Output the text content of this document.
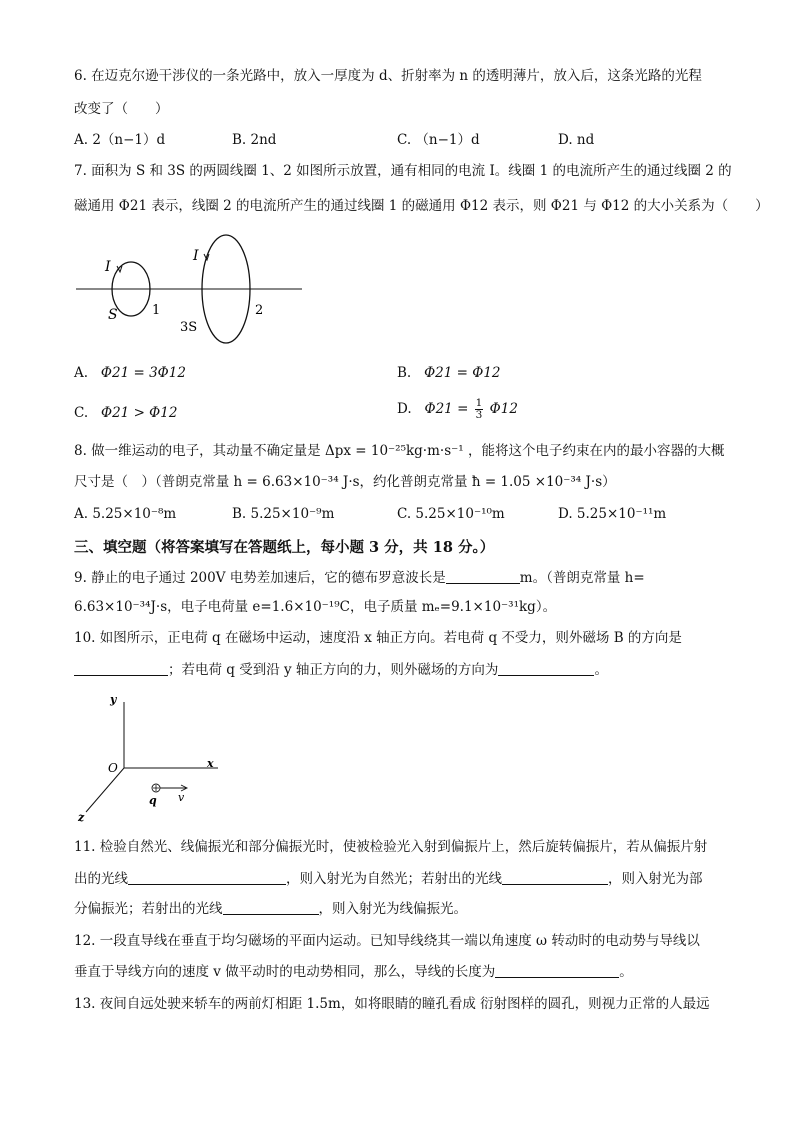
6. 在迈克尔逊干涉仪的一条光路中，放入一厚度为 d、折射率为 n 的透明薄片，放入后，这条光路的光程
改变了（　　）
A. 2（n−1）d	B. 2nd	C. （n−1）d	D. nd
7. 面积为 S 和 3S 的两圆线圈 1、2 如图所示放置，通有相同的电流 I。线圈 1 的电流所产生的通过线圈 2 的
磁通用 Φ21 表示，线圈 2 的电流所产生的通过线圈 1 的磁通用 Φ12 表示，则 Φ21 与 Φ12 的大小关系为（　　）
I
S	1
I
3S
2
A. Φ21 = 3Φ12	B. Φ21 = Φ12
C. Φ21 > Φ12	D. $\Phi 21 = \frac{1}{3} \Phi 12$
8. 做一维运动的电子，其动量不确定量是 Δpx = 10⁻²⁵kg·m·s⁻¹ ，能将这个电子约束在内的最小容器的大概
尺寸是（　）（普朗克常量 h = 6.63×10⁻³⁴ J·s，约化普朗克常量 ħ = 1.05 ×10⁻³⁴ J·s）
A. 5.25×10⁻⁸m	B. 5.25×10⁻⁹m	C. 5.25×10⁻¹⁰m	D. 5.25×10⁻¹¹m
三、填空题（将答案填写在答题纸上，每小题 3 分，共 18 分。）
9. 静止的电子通过 200V 电势差加速后，它的德布罗意波长是	m。（普朗克常量 h=
6.63×10⁻³⁴J·s，电子电荷量 e=1.6×10⁻¹⁹C，电子质量 mₑ=9.1×10⁻³¹kg）。
10. 如图所示，正电荷 q 在磁场中运动，速度沿 x 轴正方向。若电荷 q 不受力，则外磁场 B 的方向是
；若电荷 q 受到沿 y 轴正方向的力，则外磁场的方向为	。
y
x
z
O
q v
11. 检验自然光、线偏振光和部分偏振光时，使被检验光入射到偏振片上，然后旋转偏振片，若从偏振片射
出的光线	，则入射光为自然光；若射出的光线	，则入射光为部
分偏振光；若射出的光线	，则入射光为线偏振光。
12. 一段直导线在垂直于均匀磁场的平面内运动。已知导线绕其一端以角速度 ω 转动时的电动势与导线以
垂直于导线方向的速度 v 做平动时的电动势相同，那么，导线的长度为	。
13. 夜间自远处驶来轿车的两前灯相距 1.5m，如将眼睛的瞳孔看成 衍射图样的圆孔，则视力正常的人最远
